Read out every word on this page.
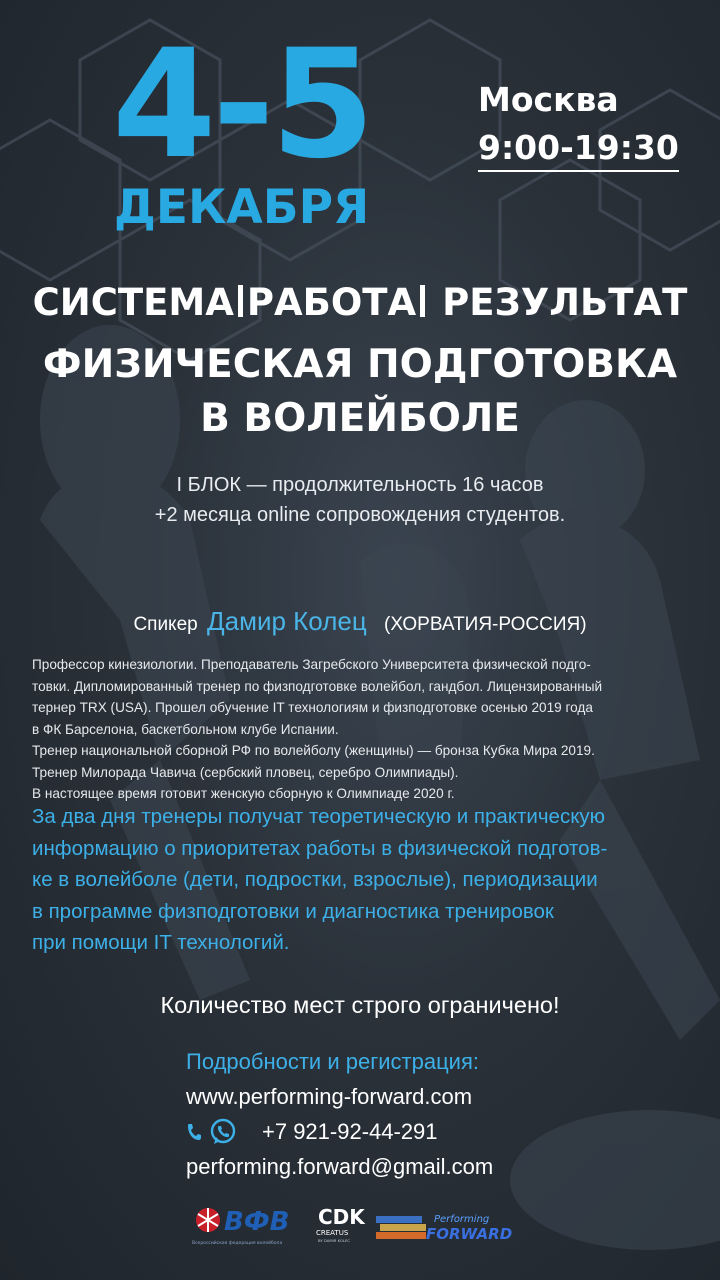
4-5
ДЕКАБРЯ
Москва
9:00-19:30
СИСТЕМА РАБОТА РЕЗУЛЬТАТ
ФИЗИЧЕСКАЯ ПОДГОТОВКА
В ВОЛЕЙБОЛЕ
I БЛОК — продолжительность 16 часов
+2 месяца online сопровождения студентов.
Спикер Дамир Колец (ХОРВАТИЯ-РОССИЯ)
Профессор кинезиологии. Преподаватель Загребского Университета физической подго-
товки. Дипломированный тренер по физподготовке волейбол, гандбол. Лицензированный
тернер TRX (USA). Прошел обучение IT технологиям и физподготовке осенью 2019 года
в ФК Барселона, баскетбольном клубе Испании.
Тренер национальной сборной РФ по волейболу (женщины) — бронза Кубка Мира 2019.
Тренер Милорада Чавича (сербский пловец, серебро Олимпиады).
В настоящее время готовит женскую сборную к Олимпиаде 2020 г.
За два дня тренеры получат теоретическую и практическую
информацию о приоритетах работы в физической подготов-
ке в волейболе (дети, подростки, взрослые), периодизации
в программе физподготовки и диагностика тренировок
при помощи IT технологий.
Количество мест строго ограничено!
Подробности и регистрация:
www.performing-forward.com
+7 921-92-44-291
performing.forward@gmail.com
ВФВ
Всероссийская федерация волейбола
CDK
CREATUS
BY DAMIR KOLEC
Performing
FORWARD
